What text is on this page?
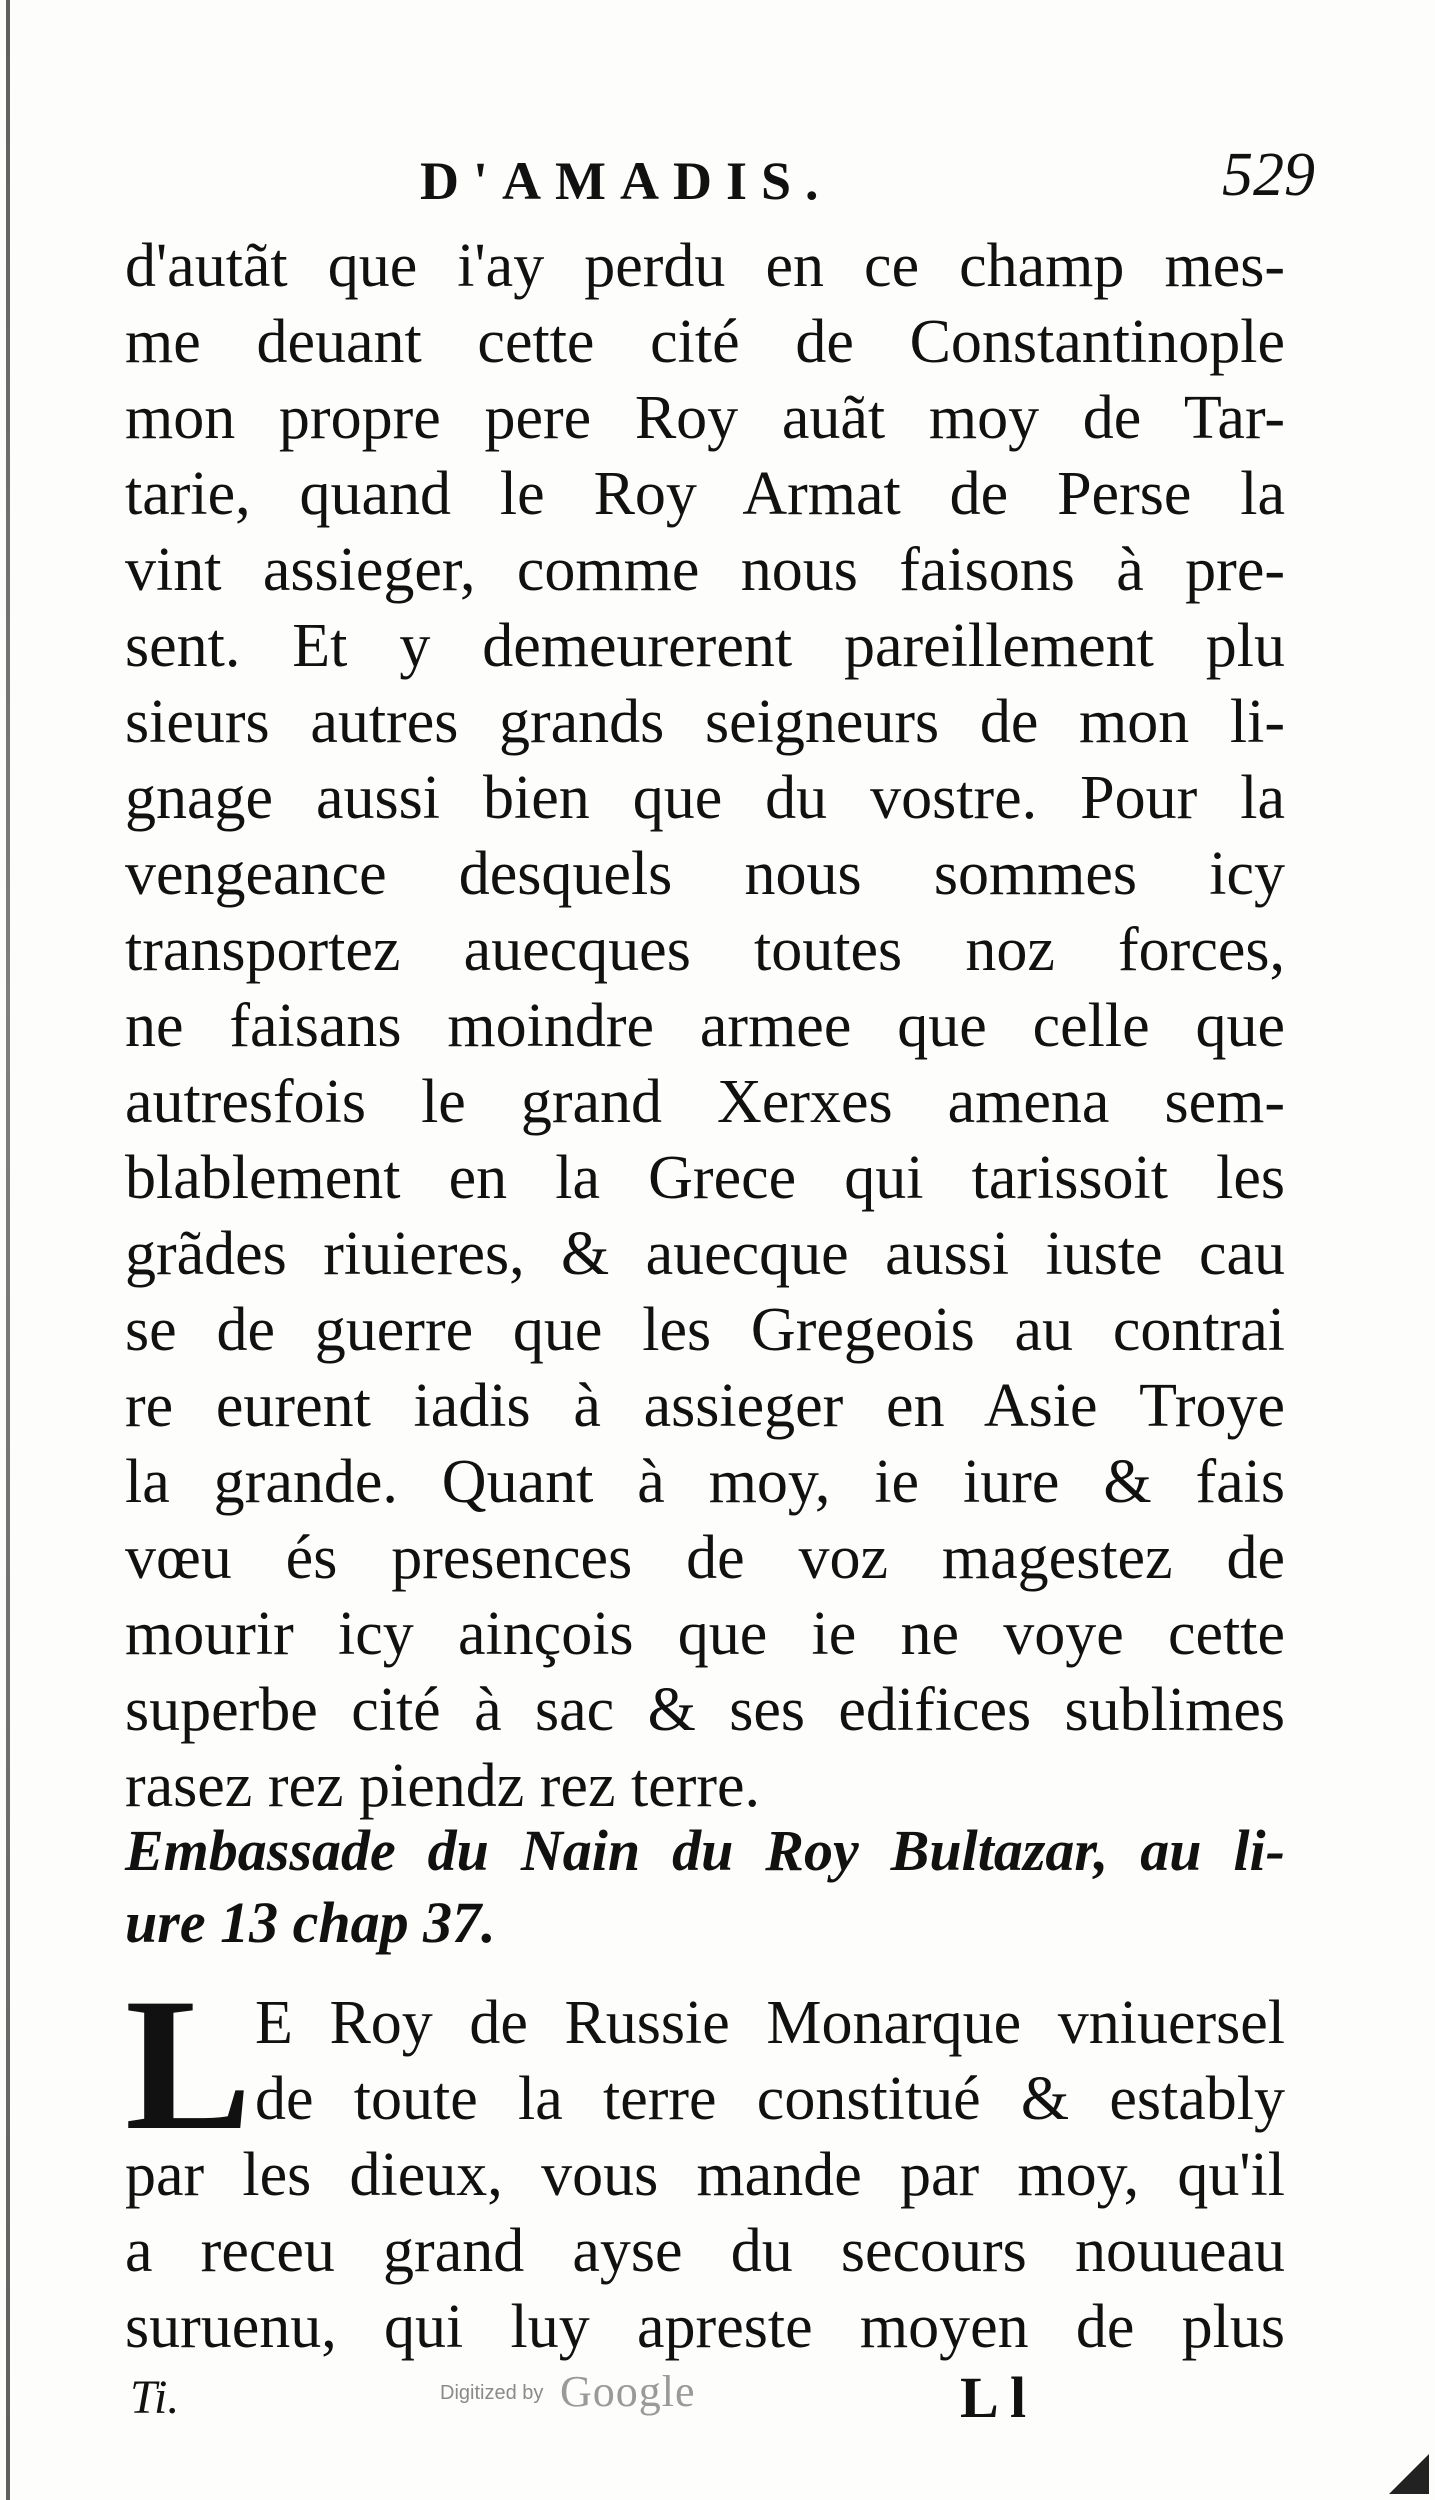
D'AMADIS.	529
d'autãt que i'ay perdu en ce champ mes-
me deuant cette cité de Constantinople
mon propre pere Roy auãt moy de Tar-
tarie, quand le Roy Armat de Perse la
vint assieger, comme nous faisons à pre-
sent. Et y demeurerent pareillement plu
sieurs autres grands seigneurs de mon li-
gnage aussi bien que du vostre. Pour la
vengeance desquels nous sommes icy
transportez auecques toutes noz forces,
ne faisans moindre armee que celle que
autresfois le grand Xerxes amena sem-
blablement en la Grece qui tarissoit les
grãdes riuieres, & auecque aussi iuste cau
se de guerre que les Gregeois au contrai
re eurent iadis à assieger en Asie Troye
la grande. Quant à moy, ie iure & fais
vœu és presences de voz magestez de
mourir icy ainçois que ie ne voye cette
superbe cité à sac & ses edifices sublimes
rasez rez piendz rez terre.
Embassade du Nain du Roy Bultazar, au li-
ure 13 chap 37.
L E Roy de Russie Monarque vniuersel
de toute la terre constitué & estably
par les dieux, vous mande par moy, qu'il
a receu grand ayse du secours nouueau
suruenu, qui luy apreste moyen de plus
Ti.	Digitized by Google	L l
